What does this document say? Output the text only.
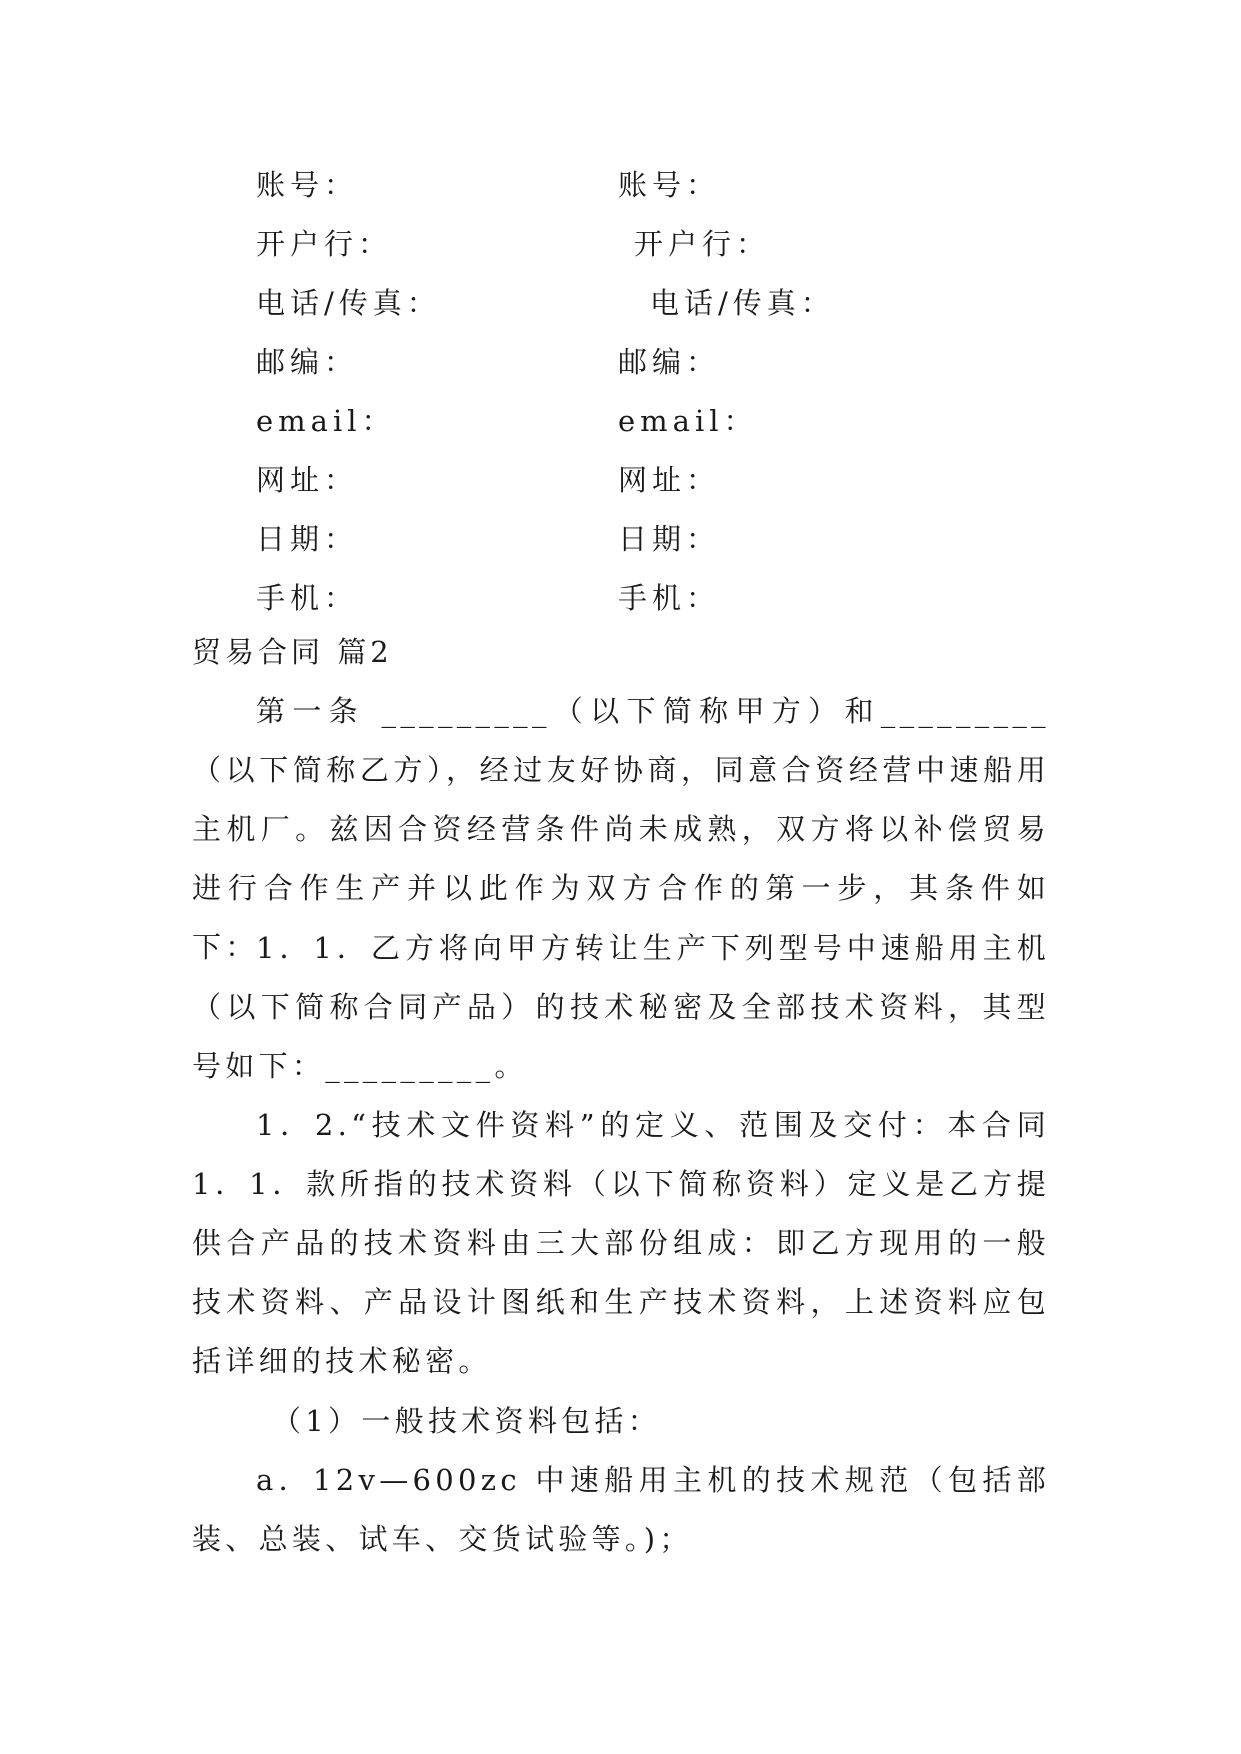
账号：
开户行：
电话/传真：
邮编：
email：
网址：
日期：
手机：
账号：
开户行：
电话/传真：
邮编：
email：
网址：
日期：
手机：
贸易合同 篇2

第一条 _________（以下简称甲方）和_________（以下简称乙方），经过友好协商，同意合资经营中速船用主机厂。兹因合资经营条件尚未成熟，双方将以补偿贸易进行合作生产并以此作为双方合作的第一步，其条件如下：

1．1．乙方将向甲方转让生产下列型号中速船用主机（以下简称合同产品）的技术秘密及全部技术资料，其型号如下：_________。

1．2.“技术文件资料”的定义、范围及交付：本合同1．1．款所指的技术资料（以下简称资料）定义是乙方提供合产品的技术资料由三大部份组成：即乙方现用的一般技术资料、产品设计图纸和生产技术资料，上述资料应包括详细的技术秘密。

（1）一般技术资料包括：

a．12v—600zc 中速船用主机的技术规范（包括部装、总装、试车、交货试验等。)；
